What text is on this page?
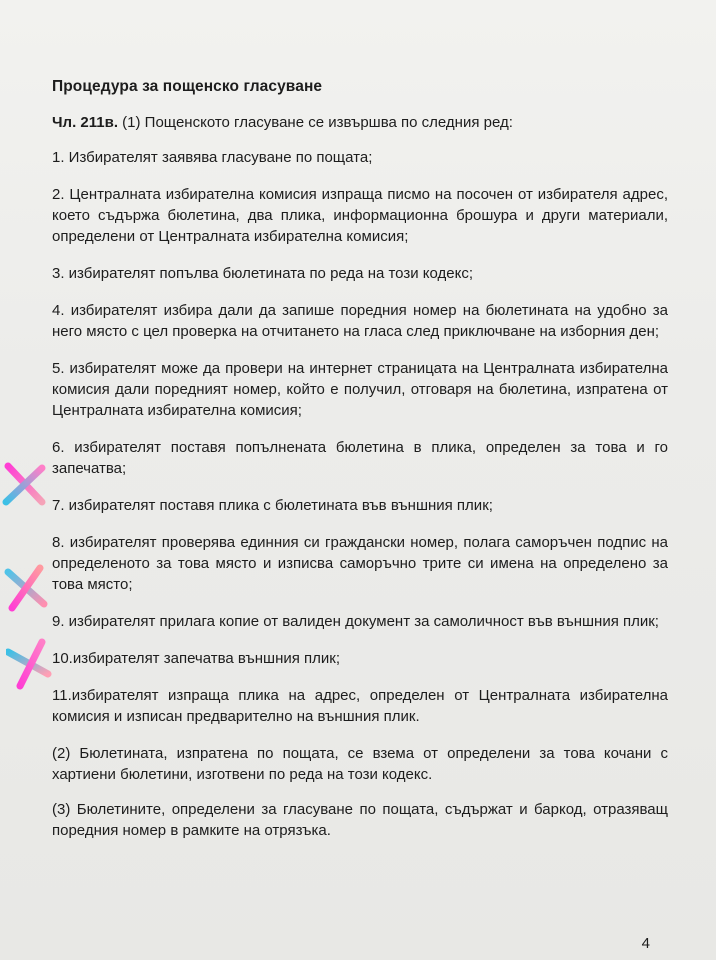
Процедура за пощенско гласуване
Чл. 211в. (1) Пощенското гласуване се извършва по следния ред:
1. Избирателят заявява гласуване по пощата;
2. Централната избирателна комисия изпраща писмо на посочен от избирателя адрес, което съдържа бюлетина, два плика, информационна брошура и други материали, определени от Централната избирателна комисия;
3. избирателят попълва бюлетината по реда на този кодекс;
4. избирателят избира дали да запише поредния номер на бюлетината на удобно за него място с цел проверка на отчитането на гласа след приключване на изборния ден;
5. избирателят може да провери на интернет страницата на Централната избирателна комисия дали поредният номер, който е получил, отговаря на бюлетина, изпратена от Централната избирателна комисия;
6. избирателят поставя попълнената бюлетина в плика, определен за това и го запечатва;
7. избирателят поставя плика с бюлетината във външния плик;
8. избирателят проверява единния си граждански номер, полага саморъчен подпис на определеното за това място и изписва саморъчно трите си имена на определено за това място;
9. избирателят прилага копие от валиден документ за самоличност във външния плик;
10.избирателят запечатва външния плик;
11.избирателят изпраща плика на адрес, определен от Централната избирателна комисия и изписан предварително на външния плик.
(2) Бюлетината, изпратена по пощата, се взема от определени за това кочани с хартиени бюлетини, изготвени по реда на този кодекс.
(3) Бюлетините, определени за гласуване по пощата, съдържат и баркод, отразяващ поредния номер в рамките на отрязъка.
4
